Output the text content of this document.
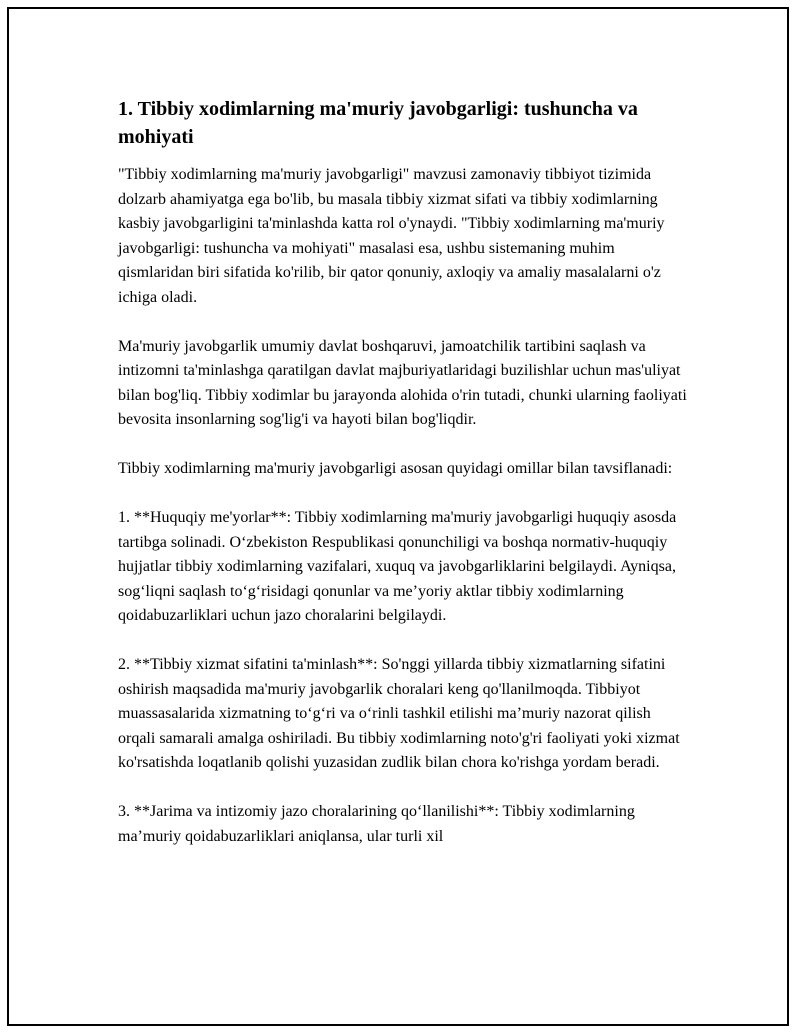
1. Tibbiy xodimlarning ma'muriy javobgarligi: tushuncha va mohiyati

"Tibbiy xodimlarning ma'muriy javobgarligi" mavzusi zamonaviy tibbiyot tizimida dolzarb ahamiyatga ega bo'lib, bu masala tibbiy xizmat sifati va tibbiy xodimlarning kasbiy javobgarligini ta'minlashda katta rol o'ynaydi. "Tibbiy xodimlarning ma'muriy javobgarligi: tushuncha va mohiyati" masalasi esa, ushbu sistemaning muhim qismlaridan biri sifatida ko'rilib, bir qator qonuniy, axloqiy va amaliy masalalarni o'z ichiga oladi.

Ma'muriy javobgarlik umumiy davlat boshqaruvi, jamoatchilik tartibini saqlash va intizomni ta'minlashga qaratilgan davlat majburiyatlaridagi buzilishlar uchun mas'uliyat bilan bog'liq. Tibbiy xodimlar bu jarayonda alohida o'rin tutadi, chunki ularning faoliyati bevosita insonlarning sog'lig'i va hayoti bilan bog'liqdir.

Tibbiy xodimlarning ma'muriy javobgarligi asosan quyidagi omillar bilan tavsiflanadi:

1. **Huquqiy me'yorlar**: Tibbiy xodimlarning ma'muriy javobgarligi huquqiy asosda tartibga solinadi. O‘zbekiston Respublikasi qonunchiligi va boshqa normativ-huquqiy hujjatlar tibbiy xodimlarning vazifalari, xuquq va javobgarliklarini belgilaydi. Ayniqsa, sog‘liqni saqlash to‘g‘risidagi qonunlar va me’yoriy aktlar tibbiy xodimlarning qoidabuzarliklari uchun jazo choralarini belgilaydi.

2. **Tibbiy xizmat sifatini ta'minlash**: So'nggi yillarda tibbiy xizmatlarning sifatini oshirish maqsadida ma'muriy javobgarlik choralari keng qo'llanilmoqda. Tibbiyot muassasalarida xizmatning to‘g‘ri va o‘rinli tashkil etilishi ma’muriy nazorat qilish orqali samarali amalga oshiriladi. Bu tibbiy xodimlarning noto'g'ri faoliyati yoki xizmat ko'rsatishda loqatlanib qolishi yuzasidan zudlik bilan chora ko'rishga yordam beradi.

3. **Jarima va intizomiy jazo choralarining qo‘llanilishi**: Tibbiy xodimlarning ma’muriy qoidabuzarliklari aniqlansa, ular turli xil
